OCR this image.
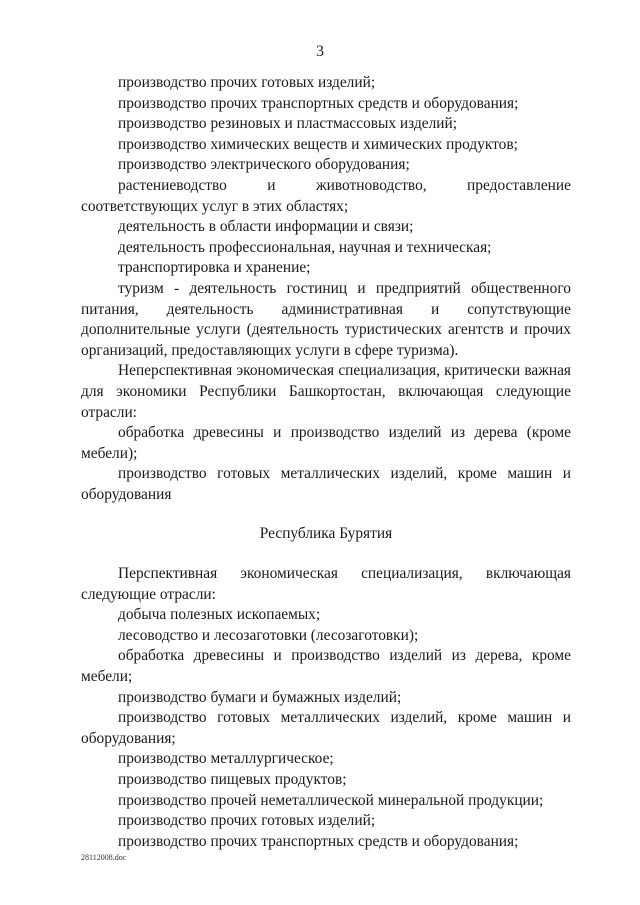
3

производство прочих готовых изделий;

производство прочих транспортных средств и оборудования;

производство резиновых и пластмассовых изделий;

производство химических веществ и химических продуктов;

производство электрического оборудования;

растениеводство и животноводство, предоставление соответствующих услуг в этих областях;

деятельность в области информации и связи;

деятельность профессиональная, научная и техническая;

транспортировка и хранение;

туризм - деятельность гостиниц и предприятий общественного питания, деятельность административная и сопутствующие дополнительные услуги (деятельность туристических агентств и прочих организаций, предоставляющих услуги в сфере туризма).

Неперспективная экономическая специализация, критически важная для экономики Республики Башкортостан, включающая следующие отрасли:

обработка древесины и производство изделий из дерева (кроме мебели);

производство готовых металлических изделий, кроме машин и оборудования

Республика Бурятия

Перспективная экономическая специализация, включающая следующие отрасли:

добыча полезных ископаемых;

лесоводство и лесозаготовки (лесозаготовки);

обработка древесины и производство изделий из дерева, кроме мебели;

производство бумаги и бумажных изделий;

производство готовых металлических изделий, кроме машин и оборудования;

производство металлургическое;

производство пищевых продуктов;

производство прочей неметаллической минеральной продукции;

производство прочих готовых изделий;

производство прочих транспортных средств и оборудования;

28112008.doc
